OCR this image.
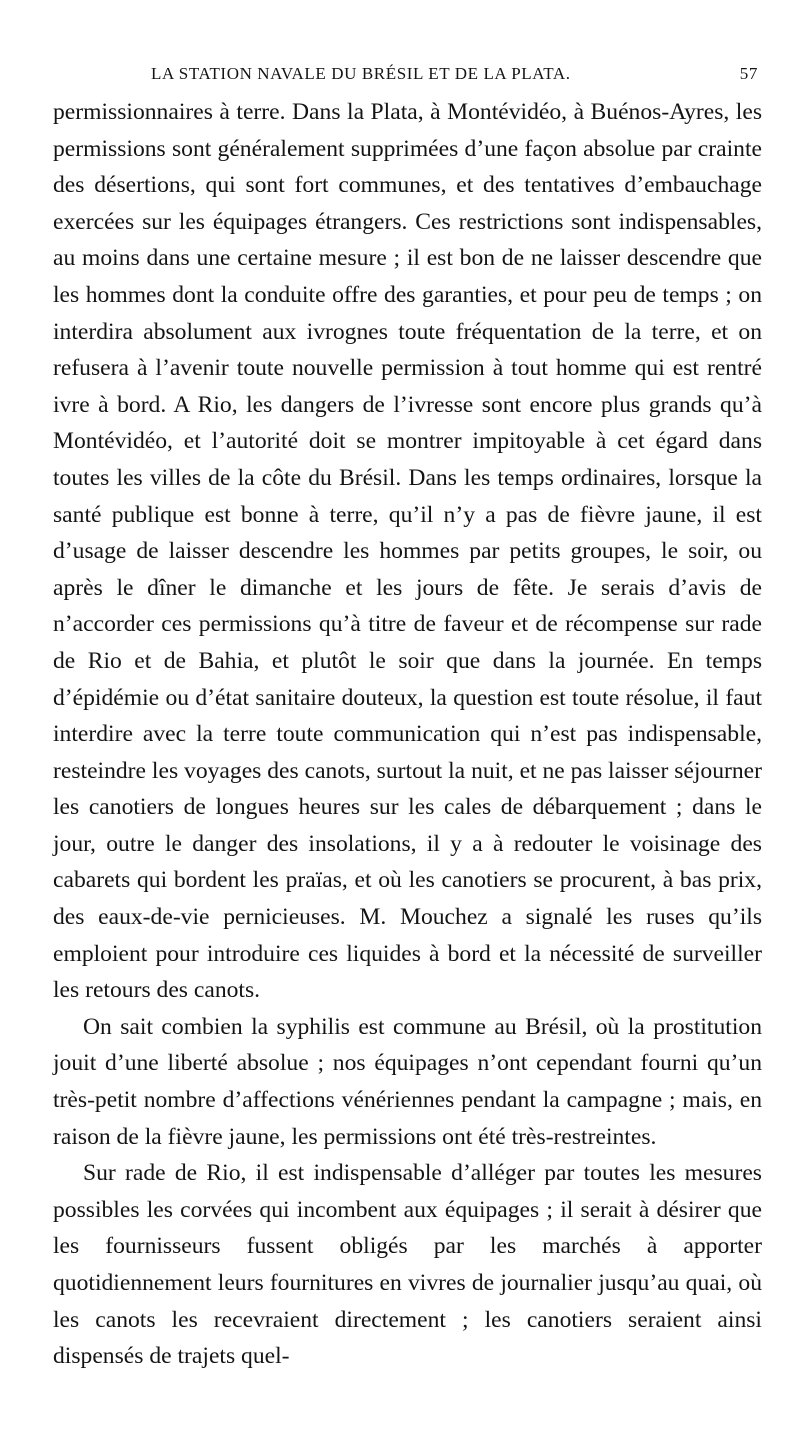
LA STATION NAVALE DU BRÉSIL ET DE LA PLATA.	57

permissionnaires à terre. Dans la Plata, à Montévidéo, à Buénos-Ayres, les permissions sont généralement supprimées d’une façon absolue par crainte des désertions, qui sont fort communes, et des tentatives d’embauchage exercées sur les équipages étrangers. Ces restrictions sont indispensables, au moins dans une certaine mesure ; il est bon de ne laisser descendre que les hommes dont la conduite offre des garanties, et pour peu de temps ; on interdira absolument aux ivrognes toute fréquentation de la terre, et on refusera à l’avenir toute nouvelle permission à tout homme qui est rentré ivre à bord. A Rio, les dangers de l’ivresse sont encore plus grands qu’à Montévidéo, et l’autorité doit se montrer impitoyable à cet égard dans toutes les villes de la côte du Brésil. Dans les temps ordinaires, lorsque la santé publique est bonne à terre, qu’il n’y a pas de fièvre jaune, il est d’usage de laisser descendre les hommes par petits groupes, le soir, ou après le dîner le dimanche et les jours de fête. Je serais d’avis de n’accorder ces permissions qu’à titre de faveur et de récompense sur rade de Rio et de Bahia, et plutôt le soir que dans la journée. En temps d’épidémie ou d’état sanitaire douteux, la question est toute résolue, il faut interdire avec la terre toute communication qui n’est pas indispensable, resteindre les voyages des canots, surtout la nuit, et ne pas laisser séjourner les canotiers de longues heures sur les cales de débarquement ; dans le jour, outre le danger des insolations, il y a à redouter le voisinage des cabarets qui bordent les praïas, et où les canotiers se procurent, à bas prix, des eaux-de-vie pernicieuses. M. Mouchez a signalé les ruses qu’ils emploient pour introduire ces liquides à bord et la nécessité de surveiller les retours des canots.

On sait combien la syphilis est commune au Brésil, où la prostitution jouit d’une liberté absolue ; nos équipages n’ont cependant fourni qu’un très-petit nombre d’affections vénériennes pendant la campagne ; mais, en raison de la fièvre jaune, les permissions ont été très-restreintes.

Sur rade de Rio, il est indispensable d’alléger par toutes les mesures possibles les corvées qui incombent aux équipages ; il serait à désirer que les fournisseurs fussent obligés par les marchés à apporter quotidiennement leurs fournitures en vivres de journalier jusqu’au quai, où les canots les recevraient directement ; les canotiers seraient ainsi dispensés de trajets quel-
